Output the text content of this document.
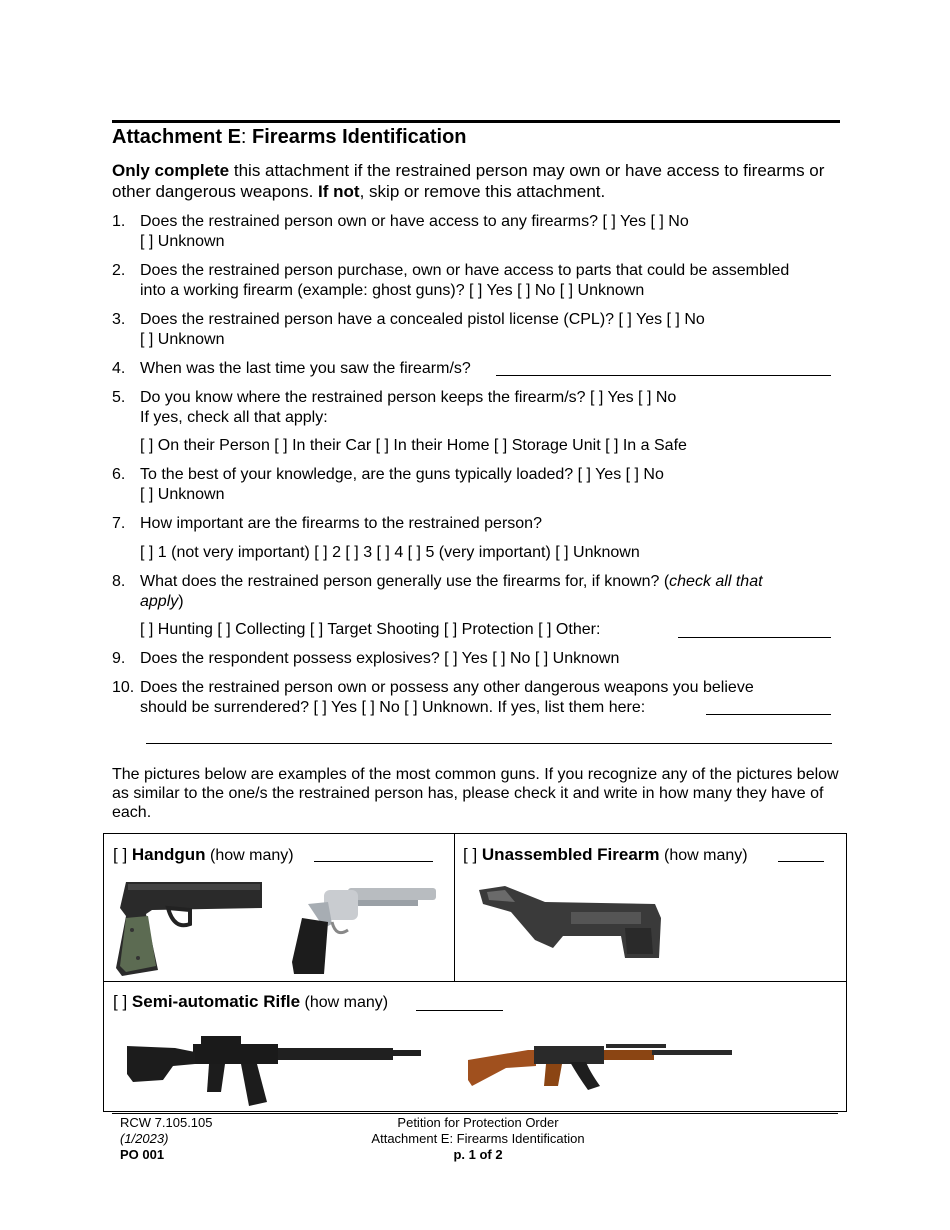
Attachment E: Firearms Identification
Only complete this attachment if the restrained person may own or have access to firearms or other dangerous weapons. If not, skip or remove this attachment.
1. Does the restrained person own or have access to any firearms? [ ] Yes [ ] No
[ ] Unknown
2. Does the restrained person purchase, own or have access to parts that could be assembled
into a working firearm (example: ghost guns)? [ ] Yes [ ] No [ ] Unknown
3. Does the restrained person have a concealed pistol license (CPL)? [ ] Yes [ ] No
[ ] Unknown
4. When was the last time you saw the firearm/s?
5. Do you know where the restrained person keeps the firearm/s? [ ] Yes [ ] No
If yes, check all that apply:
[ ] On their Person [ ] In their Car [ ] In their Home [ ] Storage Unit [ ] In a Safe
6. To the best of your knowledge, are the guns typically loaded? [ ] Yes [ ] No
[ ] Unknown
7. How important are the firearms to the restrained person?
[ ] 1 (not very important) [ ] 2 [ ] 3 [ ] 4 [ ] 5 (very important) [ ] Unknown
8. What does the restrained person generally use the firearms for, if known? (check all that
apply)
[ ] Hunting [ ] Collecting [ ] Target Shooting [ ] Protection [ ] Other:
9. Does the respondent possess explosives? [ ] Yes [ ] No [ ] Unknown
10. Does the restrained person own or possess any other dangerous weapons you believe
should be surrendered? [ ] Yes [ ] No [ ] Unknown. If yes, list them here:
The pictures below are examples of the most common guns. If you recognize any of the pictures below as similar to the one/s the restrained person has, please check it and write in how many they have of each.
[ ] Handgun (how many)	[ ] Unassembled Firearm (how many)
[ ] Semi-automatic Rifle (how many)
RCW 7.105.105
(1/2023)
PO 001
Petition for Protection Order
Attachment E: Firearms Identification
p. 1 of 2
